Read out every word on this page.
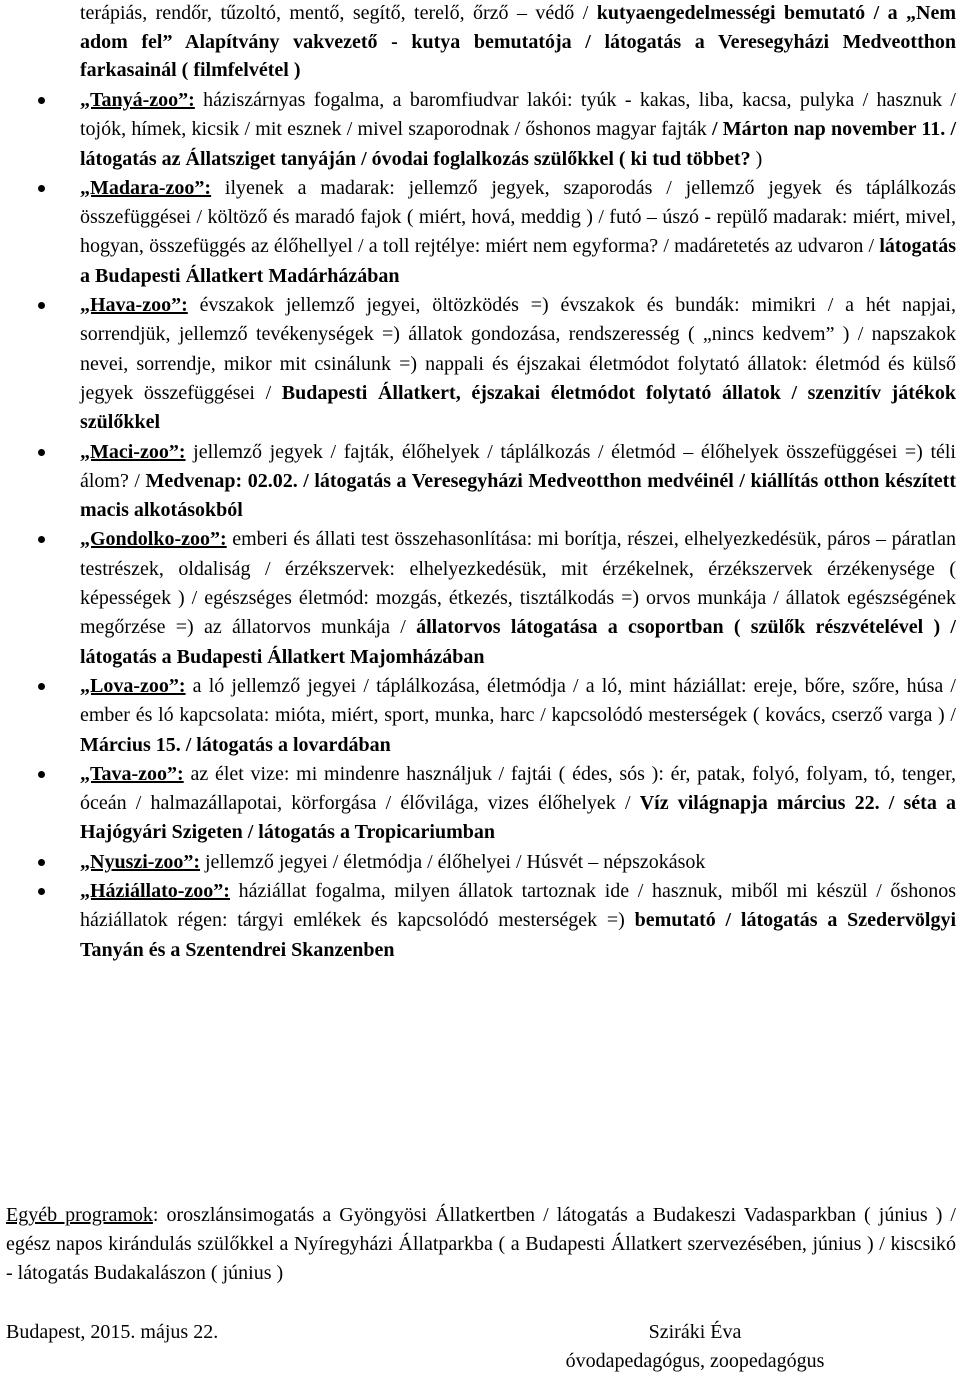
terápiás, rendőr, tűzoltó, mentő, segítő, terelő, őrző – védő / kutyaengedelmességi bemutató / a „Nem adom fel” Alapítvány vakvezető - kutya bemutatója / látogatás a Veresegyházi Medveotthon farkasainál ( filmfelvétel )
„Tanyá-zoo”: háziszárnyas fogalma, a baromfiudvar lakói: tyúk - kakas, liba, kacsa, pulyka / hasznuk / tojók, hímek, kicsik / mit esznek / mivel szaporodnak / őshonos magyar fajták / Márton nap november 11. / látogatás az Állatsziget tanyáján / óvodai foglalkozás szülőkkel ( ki tud többet? )
„Madara-zoo”: ilyenek a madarak: jellemző jegyek, szaporodás / jellemző jegyek és táplálkozás összefüggései / költöző és maradó fajok ( miért, hová, meddig ) / futó – úszó - repülő madarak: miért, mivel, hogyan, összefüggés az élőhellyel / a toll rejtélye: miért nem egyforma? / madáretetés az udvaron / látogatás a Budapesti Állatkert Madárházában
„Hava-zoo”: évszakok jellemző jegyei, öltözködés =) évszakok és bundák: mimikri / a hét napjai, sorrendjük, jellemző tevékenységek =) állatok gondozása, rendszeresség ( „nincs kedvem” ) / napszakok nevei, sorrendje, mikor mit csinálunk =) nappali és éjszakai életmódot folytató állatok: életmód és külső jegyek összefüggései / Budapesti Állatkert, éjszakai életmódot folytató állatok / szenzitív játékok szülőkkel
„Maci-zoo”: jellemző jegyek / fajták, élőhelyek / táplálkozás / életmód – élőhelyek összefüggései =) téli álom? / Medvenap: 02.02. / látogatás a Veresegyházi Medveotthon medvéinél / kiállítás otthon készített macis alkotásokból
„Gondolko-zoo”: emberi és állati test összehasonlítása: mi borítja, részei, elhelyezkedésük, páros – páratlan testrészek, oldaliság / érzékszervek: elhelyezkedésük, mit érzékelnek, érzékszervek érzékenysége ( képességek ) / egészséges életmód: mozgás, étkezés, tisztálkodás =) orvos munkája / állatok egészségének megőrzése =) az állatorvos munkája / állatorvos látogatása a csoportban ( szülők részvételével ) / látogatás a Budapesti Állatkert Majomházában
„Lova-zoo”: a ló jellemző jegyei / táplálkozása, életmódja / a ló, mint háziállat: ereje, bőre, szőre, húsa / ember és ló kapcsolata: mióta, miért, sport, munka, harc / kapcsolódó mesterségek ( kovács, cserző varga ) / Március 15. / látogatás a lovardában
„Tava-zoo”: az élet vize: mi mindenre használjuk / fajtái ( édes, sós ): ér, patak, folyó, folyam, tó, tenger, óceán / halmazállapotai, körforgása / élővilága, vizes élőhelyek / Víz világnapja március 22. / séta a Hajógyári Szigeten / látogatás a Tropicariumban
„Nyuszi-zoo”: jellemző jegyei / életmódja / élőhelyei / Húsvét – népszokások
„Háziállato-zoo”: háziállat fogalma, milyen állatok tartoznak ide / hasznuk, miből mi készül / őshonos háziállatok régen: tárgyi emlékek és kapcsolódó mesterségek =) bemutató / látogatás a Szedervölgyi Tanyán és a Szentendrei Skanzenben
Egyéb programok: oroszlánsimogatás a Gyöngyösi Állatkertben / látogatás a Budakeszi Vadasparkban ( június ) / egész napos kirándulás szülőkkel a Nyíregyházi Állatparkba ( a Budapesti Állatkert szervezésében, június ) / kiscsikó - látogatás Budakalászon ( június )
Budapest, 2015. május 22.	Sziráki Éva
óvodapedagógus, zoopedagógus
